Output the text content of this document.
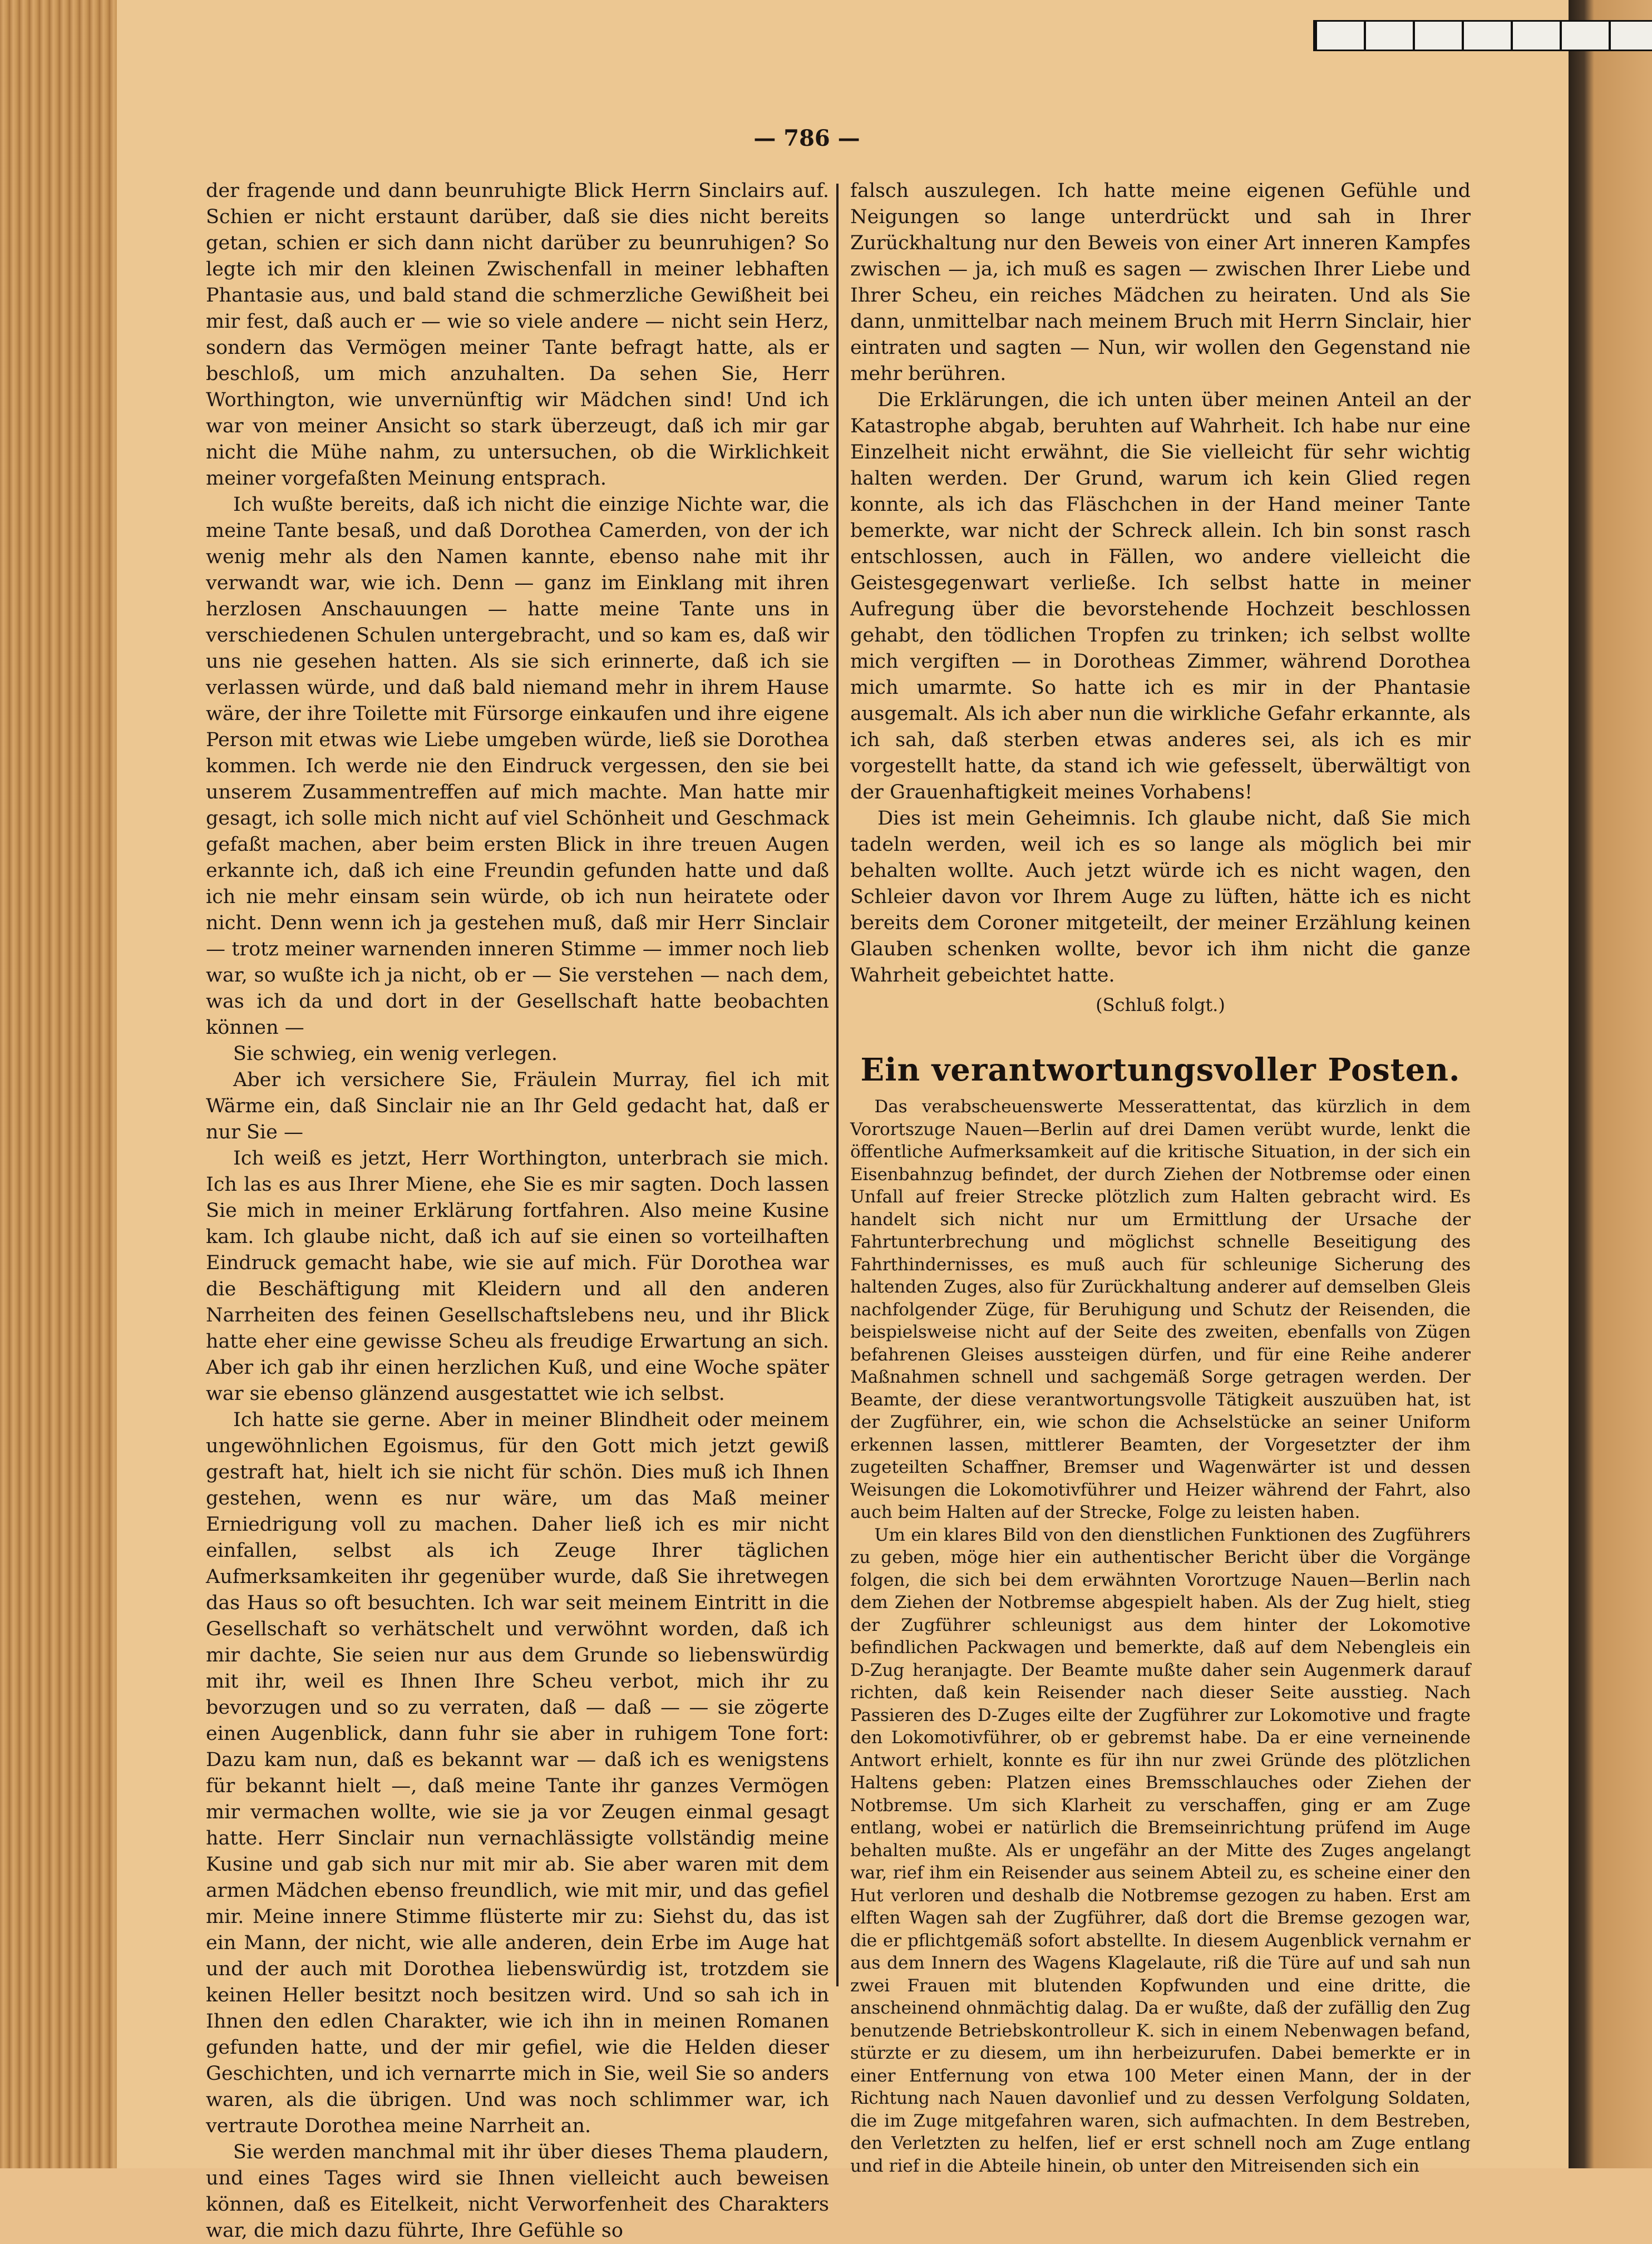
— 786 —

der fragende und dann beunruhigte Blick Herrn Sinclairs auf. Schien er nicht erstaunt darüber, daß sie dies nicht bereits getan, schien er sich dann nicht darüber zu beunruhigen? So legte ich mir den kleinen Zwischenfall in meiner lebhaften Phantasie aus, und bald stand die schmerzliche Gewißheit bei mir fest, daß auch er — wie so viele andere — nicht sein Herz, sondern das Vermögen meiner Tante befragt hatte, als er beschloß, um mich anzuhalten. Da sehen Sie, Herr Worthington, wie unvernünftig wir Mädchen sind! Und ich war von meiner Ansicht so stark überzeugt, daß ich mir gar nicht die Mühe nahm, zu untersuchen, ob die Wirklichkeit meiner vorgefaßten Meinung entsprach.

Ich wußte bereits, daß ich nicht die einzige Nichte war, die meine Tante besaß, und daß Dorothea Camerden, von der ich wenig mehr als den Namen kannte, ebenso nahe mit ihr verwandt war, wie ich. Denn — ganz im Einklang mit ihren herzlosen Anschauungen — hatte meine Tante uns in verschiedenen Schulen untergebracht, und so kam es, daß wir uns nie gesehen hatten. Als sie sich erinnerte, daß ich sie verlassen würde, und daß bald niemand mehr in ihrem Hause wäre, der ihre Toilette mit Fürsorge einkaufen und ihre eigene Person mit etwas wie Liebe umgeben würde, ließ sie Dorothea kommen. Ich werde nie den Eindruck vergessen, den sie bei unserem Zusammentreffen auf mich machte. Man hatte mir gesagt, ich solle mich nicht auf viel Schönheit und Geschmack gefaßt machen, aber beim ersten Blick in ihre treuen Augen erkannte ich, daß ich eine Freundin gefunden hatte und daß ich nie mehr einsam sein würde, ob ich nun heiratete oder nicht. Denn wenn ich ja gestehen muß, daß mir Herr Sinclair — trotz meiner warnenden inneren Stimme — immer noch lieb war, so wußte ich ja nicht, ob er — Sie verstehen — nach dem, was ich da und dort in der Gesellschaft hatte beobachten können —

Sie schwieg, ein wenig verlegen.

Aber ich versichere Sie, Fräulein Murray, fiel ich mit Wärme ein, daß Sinclair nie an Ihr Geld gedacht hat, daß er nur Sie —

Ich weiß es jetzt, Herr Worthington, unterbrach sie mich. Ich las es aus Ihrer Miene, ehe Sie es mir sagten. Doch lassen Sie mich in meiner Erklärung fortfahren. Also meine Kusine kam. Ich glaube nicht, daß ich auf sie einen so vorteilhaften Eindruck gemacht habe, wie sie auf mich. Für Dorothea war die Beschäftigung mit Kleidern und all den anderen Narrheiten des feinen Gesellschaftslebens neu, und ihr Blick hatte eher eine gewisse Scheu als freudige Erwartung an sich. Aber ich gab ihr einen herzlichen Kuß, und eine Woche später war sie ebenso glänzend ausgestattet wie ich selbst.

Ich hatte sie gerne. Aber in meiner Blindheit oder meinem ungewöhnlichen Egoismus, für den Gott mich jetzt gewiß gestraft hat, hielt ich sie nicht für schön. Dies muß ich Ihnen gestehen, wenn es nur wäre, um das Maß meiner Erniedrigung voll zu machen. Daher ließ ich es mir nicht einfallen, selbst als ich Zeuge Ihrer täglichen Aufmerksamkeiten ihr gegenüber wurde, daß Sie ihretwegen das Haus so oft besuchten. Ich war seit meinem Eintritt in die Gesellschaft so verhätschelt und verwöhnt worden, daß ich mir dachte, Sie seien nur aus dem Grunde so liebenswürdig mit ihr, weil es Ihnen Ihre Scheu verbot, mich ihr zu bevorzugen und so zu verraten, daß — daß — — sie zögerte einen Augenblick, dann fuhr sie aber in ruhigem Tone fort: Dazu kam nun, daß es bekannt war — daß ich es wenigstens für bekannt hielt —, daß meine Tante ihr ganzes Vermögen mir vermachen wollte, wie sie ja vor Zeugen einmal gesagt hatte. Herr Sinclair nun vernachlässigte vollständig meine Kusine und gab sich nur mit mir ab. Sie aber waren mit dem armen Mädchen ebenso freundlich, wie mit mir, und das gefiel mir. Meine innere Stimme flüsterte mir zu: Siehst du, das ist ein Mann, der nicht, wie alle anderen, dein Erbe im Auge hat und der auch mit Dorothea liebenswürdig ist, trotzdem sie keinen Heller besitzt noch besitzen wird. Und so sah ich in Ihnen den edlen Charakter, wie ich ihn in meinen Romanen gefunden hatte, und der mir gefiel, wie die Helden dieser Geschichten, und ich vernarrte mich in Sie, weil Sie so anders waren, als die übrigen. Und was noch schlimmer war, ich vertraute Dorothea meine Narrheit an.

Sie werden manchmal mit ihr über dieses Thema plaudern, und eines Tages wird sie Ihnen vielleicht auch beweisen können, daß es Eitelkeit, nicht Verworfenheit des Charakters war, die mich dazu führte, Ihre Gefühle so

falsch auszulegen. Ich hatte meine eigenen Gefühle und Neigungen so lange unterdrückt und sah in Ihrer Zurückhaltung nur den Beweis von einer Art inneren Kampfes zwischen — ja, ich muß es sagen — zwischen Ihrer Liebe und Ihrer Scheu, ein reiches Mädchen zu heiraten. Und als Sie dann, unmittelbar nach meinem Bruch mit Herrn Sinclair, hier eintraten und sagten — Nun, wir wollen den Gegenstand nie mehr berühren.

Die Erklärungen, die ich unten über meinen Anteil an der Katastrophe abgab, beruhten auf Wahrheit. Ich habe nur eine Einzelheit nicht erwähnt, die Sie vielleicht für sehr wichtig halten werden. Der Grund, warum ich kein Glied regen konnte, als ich das Fläschchen in der Hand meiner Tante bemerkte, war nicht der Schreck allein. Ich bin sonst rasch entschlossen, auch in Fällen, wo andere vielleicht die Geistesgegenwart verließe. Ich selbst hatte in meiner Aufregung über die bevorstehende Hochzeit beschlossen gehabt, den tödlichen Tropfen zu trinken; ich selbst wollte mich vergiften — in Dorotheas Zimmer, während Dorothea mich umarmte. So hatte ich es mir in der Phantasie ausgemalt. Als ich aber nun die wirkliche Gefahr erkannte, als ich sah, daß sterben etwas anderes sei, als ich es mir vorgestellt hatte, da stand ich wie gefesselt, überwältigt von der Grauenhaftigkeit meines Vorhabens!

Dies ist mein Geheimnis. Ich glaube nicht, daß Sie mich tadeln werden, weil ich es so lange als möglich bei mir behalten wollte. Auch jetzt würde ich es nicht wagen, den Schleier davon vor Ihrem Auge zu lüften, hätte ich es nicht bereits dem Coroner mitgeteilt, der meiner Erzählung keinen Glauben schenken wollte, bevor ich ihm nicht die ganze Wahrheit gebeichtet hatte.

(Schluß folgt.)
Ein verantwortungsvoller Posten.

Das verabscheuenswerte Messerattentat, das kürzlich in dem Vorortszuge Nauen—Berlin auf drei Damen verübt wurde, lenkt die öffentliche Aufmerksamkeit auf die kritische Situation, in der sich ein Eisenbahnzug befindet, der durch Ziehen der Notbremse oder einen Unfall auf freier Strecke plötzlich zum Halten gebracht wird. Es handelt sich nicht nur um Ermittlung der Ursache der Fahrtunterbrechung und möglichst schnelle Beseitigung des Fahrthindernisses, es muß auch für schleunige Sicherung des haltenden Zuges, also für Zurückhaltung anderer auf demselben Gleis nachfolgender Züge, für Beruhigung und Schutz der Reisenden, die beispielsweise nicht auf der Seite des zweiten, ebenfalls von Zügen befahrenen Gleises aussteigen dürfen, und für eine Reihe anderer Maßnahmen schnell und sachgemäß Sorge getragen werden. Der Beamte, der diese verantwortungsvolle Tätigkeit auszuüben hat, ist der Zugführer, ein, wie schon die Achselstücke an seiner Uniform erkennen lassen, mittlerer Beamten, der Vorgesetzter der ihm zugeteilten Schaffner, Bremser und Wagenwärter ist und dessen Weisungen die Lokomotivführer und Heizer während der Fahrt, also auch beim Halten auf der Strecke, Folge zu leisten haben.

Um ein klares Bild von den dienstlichen Funktionen des Zugführers zu geben, möge hier ein authentischer Bericht über die Vorgänge folgen, die sich bei dem erwähnten Vorortzuge Nauen—Berlin nach dem Ziehen der Notbremse abgespielt haben. Als der Zug hielt, stieg der Zugführer schleunigst aus dem hinter der Lokomotive befindlichen Packwagen und bemerkte, daß auf dem Nebengleis ein D-Zug heranjagte. Der Beamte mußte daher sein Augenmerk darauf richten, daß kein Reisender nach dieser Seite ausstieg. Nach Passieren des D-Zuges eilte der Zugführer zur Lokomotive und fragte den Lokomotivführer, ob er gebremst habe. Da er eine verneinende Antwort erhielt, konnte es für ihn nur zwei Gründe des plötzlichen Haltens geben: Platzen eines Bremsschlauches oder Ziehen der Notbremse. Um sich Klarheit zu verschaffen, ging er am Zuge entlang, wobei er natürlich die Bremseinrichtung prüfend im Auge behalten mußte. Als er ungefähr an der Mitte des Zuges angelangt war, rief ihm ein Reisender aus seinem Abteil zu, es scheine einer den Hut verloren und deshalb die Notbremse gezogen zu haben. Erst am elften Wagen sah der Zugführer, daß dort die Bremse gezogen war, die er pflichtgemäß sofort abstellte. In diesem Augenblick vernahm er aus dem Innern des Wagens Klagelaute, riß die Türe auf und sah nun zwei Frauen mit blutenden Kopfwunden und eine dritte, die anscheinend ohnmächtig dalag. Da er wußte, daß der zufällig den Zug benutzende Betriebskontrolleur K. sich in einem Nebenwagen befand, stürzte er zu diesem, um ihn herbeizurufen. Dabei bemerkte er in einer Entfernung von etwa 100 Meter einen Mann, der in der Richtung nach Nauen davonlief und zu dessen Verfolgung Soldaten, die im Zuge mitgefahren waren, sich aufmachten. In dem Bestreben, den Verletzten zu helfen, lief er erst schnell noch am Zuge entlang und rief in die Abteile hinein, ob unter den Mitreisenden sich ein
